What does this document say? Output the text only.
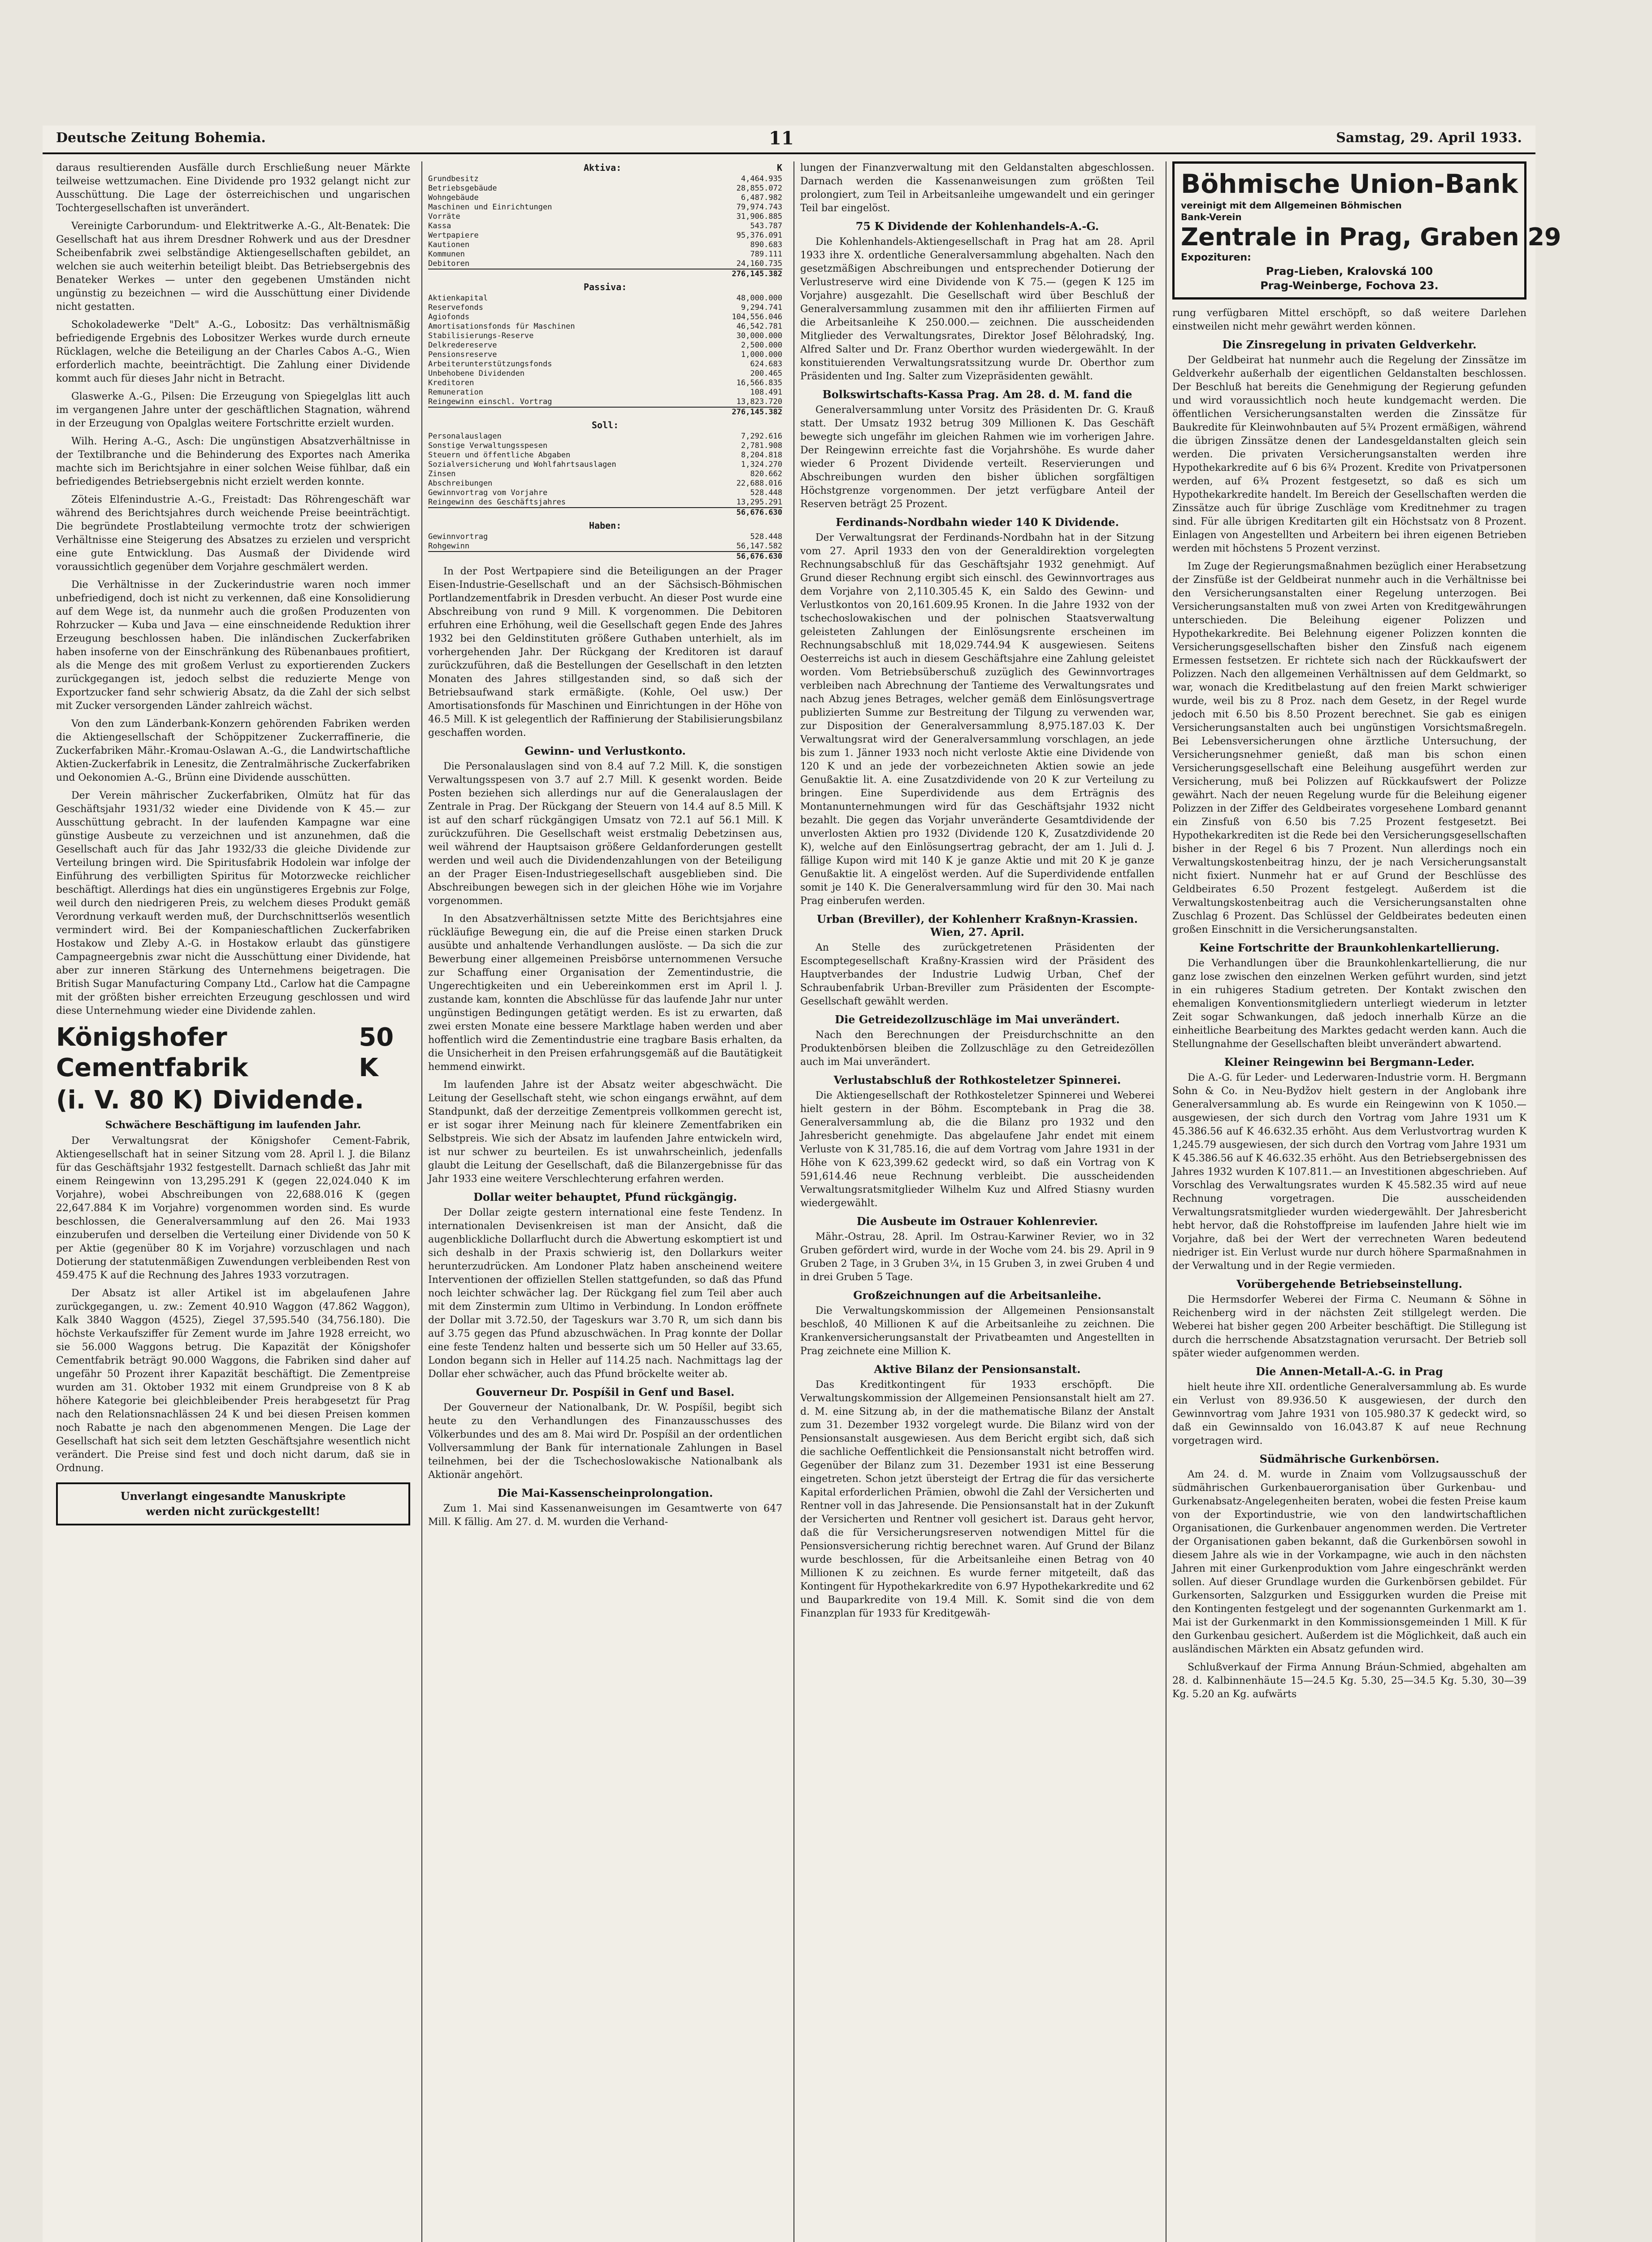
Deutsche Zeitung Bohemia.	11	Samstag, 29. April 1933.

daraus resultierenden Ausfälle durch Erschließung neuer Märkte teilweise wettzumachen. Eine Dividende pro 1932 gelangt nicht zur Ausschüttung. Die Lage der österreichischen und ungarischen Tochtergesellschaften ist unverändert.

Vereinigte Carborundum- und Elektritwerke A.-G., Alt-Benatek: Die Gesellschaft hat aus ihrem Dresdner Rohwerk und aus der Dresdner Scheibenfabrik zwei selbständige Aktiengesellschaften gebildet, an welchen sie auch weiterhin beteiligt bleibt. Das Betriebsergebnis des Benateker Werkes — unter den gegebenen Umständen nicht ungünstig zu bezeichnen — wird die Ausschüttung einer Dividende nicht gestatten.

Schokoladewerke "Delt" A.-G., Lobositz: Das verhältnismäßig befriedigende Ergebnis des Lobositzer Werkes wurde durch erneute Rücklagen, welche die Beteiligung an der Charles Cabos A.-G., Wien erforderlich machte, beeinträchtigt. Die Zahlung einer Dividende kommt auch für dieses Jahr nicht in Betracht.

Glaswerke A.-G., Pilsen: Die Erzeugung von Spiegelglas litt auch im vergangenen Jahre unter der geschäftlichen Stagnation, während in der Erzeugung von Opalglas weitere Fortschritte erzielt wurden.

Wilh. Hering A.-G., Asch: Die ungünstigen Absatzverhältnisse in der Textilbranche und die Behinderung des Exportes nach Amerika machte sich im Berichtsjahre in einer solchen Weise fühlbar, daß ein befriedigendes Betriebsergebnis nicht erzielt werden konnte.

Zöteis Elfenindustrie A.-G., Freistadt: Das Röhrengeschäft war während des Berichtsjahres durch weichende Preise beeinträchtigt. Die begründete Prostlabteilung vermochte trotz der schwierigen Verhältnisse eine Steigerung des Absatzes zu erzielen und verspricht eine gute Entwicklung. Das Ausmaß der Dividende wird voraussichtlich gegenüber dem Vorjahre geschmälert werden.

Die Verhältnisse in der Zuckerindustrie waren noch immer unbefriedigend, doch ist nicht zu verkennen, daß eine Konsolidierung auf dem Wege ist, da nunmehr auch die großen Produzenten von Rohrzucker — Kuba und Java — eine einschneidende Reduktion ihrer Erzeugung beschlossen haben. Die inländischen Zuckerfabriken haben insoferne von der Einschränkung des Rübenanbaues profitiert, als die Menge des mit großem Verlust zu exportierenden Zuckers zurückgegangen ist, jedoch selbst die reduzierte Menge von Exportzucker fand sehr schwierig Absatz, da die Zahl der sich selbst mit Zucker versorgenden Länder zahlreich wächst.

Von den zum Länderbank-Konzern gehörenden Fabriken werden die Aktiengesellschaft der Schöppitzener Zuckerraffinerie, die Zuckerfabriken Mähr.-Kromau-Oslawan A.-G., die Landwirtschaftliche Aktien-Zuckerfabrik in Lenesitz, die Zentralmährische Zuckerfabriken und Oekonomien A.-G., Brünn eine Dividende ausschütten.

Der Verein mährischer Zuckerfabriken, Olmütz hat für das Geschäftsjahr 1931/32 wieder eine Dividende von K 45.— zur Ausschüttung gebracht. In der laufenden Kampagne war eine günstige Ausbeute zu verzeichnen und ist anzunehmen, daß die Gesellschaft auch für das Jahr 1932/33 die gleiche Dividende zur Verteilung bringen wird. Die Spiritusfabrik Hodolein war infolge der Einführung des verbilligten Spiritus für Motorzwecke reichlicher beschäftigt. Allerdings hat dies ein ungünstigeres Ergebnis zur Folge, weil durch den niedrigeren Preis, zu welchem dieses Produkt gemäß Verordnung verkauft werden muß, der Durchschnittserlös wesentlich vermindert wird. Bei der Kompanieschaftlichen Zuckerfabriken Hostakow und Zleby A.-G. in Hostakow erlaubt das günstigere Campagneergebnis zwar nicht die Ausschüttung einer Dividende, hat aber zur inneren Stärkung des Unternehmens beigetragen. Die British Sugar Manufacturing Company Ltd., Carlow hat die Campagne mit der größten bisher erreichten Erzeugung geschlossen und wird diese Unternehmung wieder eine Dividende zahlen.

Königshofer Cementfabrik
50 K
(i. V. 80 K) Dividende.
Schwächere Beschäftigung im laufenden Jahr.

Der Verwaltungsrat der Königshofer Cement-Fabrik, Aktiengesellschaft hat in seiner Sitzung vom 28. April l. J. die Bilanz für das Geschäftsjahr 1932 festgestellt. Darnach schließt das Jahr mit einem Reingewinn von 13,295.291 K (gegen 22,024.040 K im Vorjahre), wobei Abschreibungen von 22,688.016 K (gegen 22,647.884 K im Vorjahre) vorgenommen worden sind. Es wurde beschlossen, die Generalversammlung auf den 26. Mai 1933 einzuberufen und derselben die Verteilung einer Dividende von 50 K per Aktie (gegenüber 80 K im Vorjahre) vorzuschlagen und nach Dotierung der statutenmäßigen Zuwendungen verbleibenden Rest von 459.475 K auf die Rechnung des Jahres 1933 vorzutragen.

Der Absatz ist aller Artikel ist im abgelaufenen Jahre zurückgegangen, u. zw.: Zement 40.910 Waggon (47.862 Waggon), Kalk 3840 Waggon (4525), Ziegel 37,595.540 (34,756.180). Die höchste Verkaufsziffer für Zement wurde im Jahre 1928 erreicht, wo sie 56.000 Waggons betrug. Die Kapazität der Königshofer Cementfabrik beträgt 90.000 Waggons, die Fabriken sind daher auf ungefähr 50 Prozent ihrer Kapazität beschäftigt. Die Zementpreise wurden am 31. Oktober 1932 mit einem Grundpreise von 8 K ab höhere Kategorie bei gleichbleibender Preis herabgesetzt für Prag nach den Relationsnachlässen 24 K und bei diesen Preisen kommen noch Rabatte je nach den abgenommenen Mengen. Die Lage der Gesellschaft hat sich seit dem letzten Geschäftsjahre wesentlich nicht verändert. Die Preise sind fest und doch nicht darum, daß sie in Ordnung.

Unverlangt eingesandte Manuskripte
werden nicht zurückgestellt!
Aktiva:	K
Grundbesitz	4,464.935
Betriebsgebäude	28,855.072
Wohngebäude	6,487.982
Maschinen und Einrichtungen	79,974.743
Vorräte	31,906.885
Kassa	543.787
Wertpapiere	95,376.091
Kautionen	890.683
Kommunen	789.111
Debitoren	24,160.735
276,145.382
Passiva:
Aktienkapital	48,000.000
Reservefonds	9,294.741
Agiofonds	104,556.046
Amortisationsfonds für Maschinen	46,542.781
Stabilisierungs-Reserve	30,000.000
Delkredereserve	2,500.000
Pensionsreserve	1,000.000
Arbeiterunterstützungsfonds	624.683
Unbehobene Dividenden	200.465
Kreditoren	16,566.835
Remuneration	108.491
Reingewinn einschl. Vortrag	13,823.720
276,145.382
Soll:
Personalauslagen	7,292.616
Sonstige Verwaltungsspesen	2,781.908
Steuern und öffentliche Abgaben	8,204.818
Sozialversicherung und Wohlfahrtsauslagen	1,324.270
Zinsen	820.662
Abschreibungen	22,688.016
Gewinnvortrag vom Vorjahre	528.448
Reingewinn des Geschäftsjahres	13,295.291
56,676.630
Haben:
Gewinnvortrag	528.448
Rohgewinn	56,147.582
56,676.630

In der Post Wertpapiere sind die Beteiligungen an der Prager Eisen-Industrie-Gesellschaft und an der Sächsisch-Böhmischen Portlandzementfabrik in Dresden verbucht. An dieser Post wurde eine Abschreibung von rund 9 Mill. K vorgenommen. Die Debitoren erfuhren eine Erhöhung, weil die Gesellschaft gegen Ende des Jahres 1932 bei den Geldinstituten größere Guthaben unterhielt, als im vorhergehenden Jahr. Der Rückgang der Kreditoren ist darauf zurückzuführen, daß die Bestellungen der Gesellschaft in den letzten Monaten des Jahres stillgestanden sind, so daß sich der Betriebsaufwand stark ermäßigte. (Kohle, Oel usw.) Der Amortisationsfonds für Maschinen und Einrichtungen in der Höhe von 46.5 Mill. K ist gelegentlich der Raffinierung der Stabilisierungsbilanz geschaffen worden.

Gewinn- und Verlustkonto.

Die Personalauslagen sind von 8.4 auf 7.2 Mill. K, die sonstigen Verwaltungsspesen von 3.7 auf 2.7 Mill. K gesenkt worden. Beide Posten beziehen sich allerdings nur auf die Generalauslagen der Zentrale in Prag. Der Rückgang der Steuern von 14.4 auf 8.5 Mill. K ist auf den scharf rückgängigen Umsatz von 72.1 auf 56.1 Mill. K zurückzuführen. Die Gesellschaft weist erstmalig Debetzinsen aus, weil während der Hauptsaison größere Geldanforderungen gestellt werden und weil auch die Dividendenzahlungen von der Beteiligung an der Prager Eisen-Industriegesellschaft ausgeblieben sind. Die Abschreibungen bewegen sich in der gleichen Höhe wie im Vorjahre vorgenommen.

In den Absatzverhältnissen setzte Mitte des Berichtsjahres eine rückläufige Bewegung ein, die auf die Preise einen starken Druck ausübte und anhaltende Verhandlungen auslöste. — Da sich die zur Bewerbung einer allgemeinen Preisbörse unternommenen Versuche zur Schaffung einer Organisation der Zementindustrie, die Ungerechtigkeiten und ein Uebereinkommen erst im April l. J. zustande kam, konnten die Abschlüsse für das laufende Jahr nur unter ungünstigen Bedingungen getätigt werden. Es ist zu erwarten, daß zwei ersten Monate eine bessere Marktlage haben werden und aber hoffentlich wird die Zementindustrie eine tragbare Basis erhalten, da die Unsicherheit in den Preisen erfahrungsgemäß auf die Bautätigkeit hemmend einwirkt.

Im laufenden Jahre ist der Absatz weiter abgeschwächt. Die Leitung der Gesellschaft steht, wie schon eingangs erwähnt, auf dem Standpunkt, daß der derzeitige Zementpreis vollkommen gerecht ist, er ist sogar ihrer Meinung nach für kleinere Zementfabriken ein Selbstpreis. Wie sich der Absatz im laufenden Jahre entwickeln wird, ist nur schwer zu beurteilen. Es ist unwahrscheinlich, jedenfalls glaubt die Leitung der Gesellschaft, daß die Bilanzergebnisse für das Jahr 1933 eine weitere Verschlechterung erfahren werden.

Dollar weiter behauptet, Pfund rückgängig.

Der Dollar zeigte gestern international eine feste Tendenz. In internationalen Devisenkreisen ist man der Ansicht, daß die augenblickliche Dollarflucht durch die Abwertung eskomptiert ist und sich deshalb in der Praxis schwierig ist, den Dollarkurs weiter herunterzudrücken. Am Londoner Platz haben anscheinend weitere Interventionen der offiziellen Stellen stattgefunden, so daß das Pfund noch leichter schwächer lag. Der Rückgang fiel zum Teil aber auch mit dem Zinstermin zum Ultimo in Verbindung. In London eröffnete der Dollar mit 3.72.50, der Tageskurs war 3.70 R, um sich dann bis auf 3.75 gegen das Pfund abzuschwächen. In Prag konnte der Dollar eine feste Tendenz halten und besserte sich um 50 Heller auf 33.65, London begann sich in Heller auf 114.25 nach. Nachmittags lag der Dollar eher schwächer, auch das Pfund bröckelte weiter ab.

Gouverneur Dr. Pospíšil in Genf und Basel.

Der Gouverneur der Nationalbank, Dr. W. Pospíšil, begibt sich heute zu den Verhandlungen des Finanzausschusses des Völkerbundes und des am 8. Mai wird Dr. Pospíšil an der ordentlichen Vollversammlung der Bank für internationale Zahlungen in Basel teilnehmen, bei der die Tschechoslowakische Nationalbank als Aktionär angehört.

Die Mai-Kassenscheinprolongation.

Zum 1. Mai sind Kassenanweisungen im Gesamtwerte von 647 Mill. K fällig. Am 27. d. M. wurden die Verhand-

lungen der Finanzverwaltung mit den Geldanstalten abgeschlossen. Darnach werden die Kassenanweisungen zum größten Teil prolongiert, zum Teil in Arbeitsanleihe umgewandelt und ein geringer Teil bar eingelöst.

75 K Dividende der Kohlenhandels-A.-G.

Die Kohlenhandels-Aktiengesellschaft in Prag hat am 28. April 1933 ihre X. ordentliche Generalversammlung abgehalten. Nach den gesetzmäßigen Abschreibungen und entsprechender Dotierung der Verlustreserve wird eine Dividende von K 75.— (gegen K 125 im Vorjahre) ausgezahlt. Die Gesellschaft wird über Beschluß der Generalversammlung zusammen mit den ihr affiliierten Firmen auf die Arbeitsanleihe K 250.000.— zeichnen. Die ausscheidenden Mitglieder des Verwaltungsrates, Direktor Josef Bělohradský, Ing. Alfred Salter und Dr. Franz Oberthor wurden wiedergewählt. In der konstituierenden Verwaltungsratssitzung wurde Dr. Oberthor zum Präsidenten und Ing. Salter zum Vizepräsidenten gewählt.

Bolkswirtschafts-Kassa Prag. Am 28. d. M. fand die

Generalversammlung unter Vorsitz des Präsidenten Dr. G. Krauß statt. Der Umsatz 1932 betrug 309 Millionen K. Das Geschäft bewegte sich ungefähr im gleichen Rahmen wie im vorherigen Jahre. Der Reingewinn erreichte fast die Vorjahrshöhe. Es wurde daher wieder 6 Prozent Dividende verteilt. Reservierungen und Abschreibungen wurden den bisher üblichen sorgfältigen Höchstgrenze vorgenommen. Der jetzt verfügbare Anteil der Reserven beträgt 25 Prozent.

Ferdinands-Nordbahn wieder 140 K Dividende.

Der Verwaltungsrat der Ferdinands-Nordbahn hat in der Sitzung vom 27. April 1933 den von der Generaldirektion vorgelegten Rechnungsabschluß für das Geschäftsjahr 1932 genehmigt. Auf Grund dieser Rechnung ergibt sich einschl. des Gewinnvortrages aus dem Vorjahre von 2,110.305.45 K, ein Saldo des Gewinn- und Verlustkontos von 20,161.609.95 Kronen. In die Jahre 1932 von der tschechoslowakischen und der polnischen Staatsverwaltung geleisteten Zahlungen der Einlösungsrente erscheinen im Rechnungsabschluß mit 18,029.744.94 K ausgewiesen. Seitens Oesterreichs ist auch in diesem Geschäftsjahre eine Zahlung geleistet worden. Vom Betriebsüberschuß zuzüglich des Gewinnvortrages verbleiben nach Abrechnung der Tantieme des Verwaltungsrates und nach Abzug jenes Betrages, welcher gemäß dem Einlösungsvertrage publizierten Summe zur Bestreitung der Tilgung zu verwenden war, zur Disposition der Generalversammlung 8,975.187.03 K. Der Verwaltungsrat wird der Generalversammlung vorschlagen, an jede bis zum 1. Jänner 1933 noch nicht verloste Aktie eine Dividende von 120 K und an jede der vorbezeichneten Aktien sowie an jede Genußaktie lit. A. eine Zusatzdividende von 20 K zur Verteilung zu bringen. Eine Superdividende aus dem Erträgnis des Montanunternehmungen wird für das Geschäftsjahr 1932 nicht bezahlt. Die gegen das Vorjahr unveränderte Gesamtdividende der unverlosten Aktien pro 1932 (Dividende 120 K, Zusatzdividende 20 K), welche auf den Einlösungsertrag gebracht, der am 1. Juli d. J. fällige Kupon wird mit 140 K je ganze Aktie und mit 20 K je ganze Genußaktie lit. A eingelöst werden. Auf die Superdividende entfallen somit je 140 K. Die Generalversammlung wird für den 30. Mai nach Prag einberufen werden.

Urban (Breviller), der Kohlenherr Kraßnyn-Krassien. Wien, 27. April.

An Stelle des zurückgetretenen Präsidenten der Escomptegesellschaft Kraßny-Krassien wird der Präsident des Hauptverbandes der Industrie Ludwig Urban, Chef der Schraubenfabrik Urban-Breviller zum Präsidenten der Escompte-Gesellschaft gewählt werden.

Die Getreidezollzuschläge im Mai unverändert.

Nach den Berechnungen der Preisdurchschnitte an den Produktenbörsen bleiben die Zollzuschläge zu den Getreidezöllen auch im Mai unverändert.

Verlustabschluß der Rothkosteletzer Spinnerei.

Die Aktiengesellschaft der Rothkosteletzer Spinnerei und Weberei hielt gestern in der Böhm. Escomptebank in Prag die 38. Generalversammlung ab, die die Bilanz pro 1932 und den Jahresbericht genehmigte. Das abgelaufene Jahr endet mit einem Verluste von K 31,785.16, die auf dem Vortrag vom Jahre 1931 in der Höhe von K 623,399.62 gedeckt wird, so daß ein Vortrag von K 591,614.46 neue Rechnung verbleibt. Die ausscheidenden Verwaltungsratsmitglieder Wilhelm Kuz und Alfred Stiasny wurden wiedergewählt.

Die Ausbeute im Ostrauer Kohlenrevier.

Mähr.-Ostrau, 28. April. Im Ostrau-Karwiner Revier, wo in 32 Gruben gefördert wird, wurde in der Woche vom 24. bis 29. April in 9 Gruben 2 Tage, in 3 Gruben 3¼, in 15 Gruben 3, in zwei Gruben 4 und in drei Gruben 5 Tage.

Großzeichnungen auf die Arbeitsanleihe.

Die Verwaltungskommission der Allgemeinen Pensionsanstalt beschloß, 40 Millionen K auf die Arbeitsanleihe zu zeichnen. Die Krankenversicherungsanstalt der Privatbeamten und Angestellten in Prag zeichnete eine Million K.

Aktive Bilanz der Pensionsanstalt.

Das Kreditkontingent für 1933 erschöpft. Die Verwaltungskommission der Allgemeinen Pensionsanstalt hielt am 27. d. M. eine Sitzung ab, in der die mathematische Bilanz der Anstalt zum 31. Dezember 1932 vorgelegt wurde. Die Bilanz wird von der Pensionsanstalt ausgewiesen. Aus dem Bericht ergibt sich, daß sich die sachliche Oeffentlichkeit die Pensionsanstalt nicht betroffen wird. Gegenüber der Bilanz zum 31. Dezember 1931 ist eine Besserung eingetreten. Schon jetzt übersteigt der Ertrag die für das versicherte Kapital erforderlichen Prämien, obwohl die Zahl der Versicherten und Rentner voll in das Jahresende. Die Pensionsanstalt hat in der Zukunft der Versicherten und Rentner voll gesichert ist. Daraus geht hervor, daß die für Versicherungsreserven notwendigen Mittel für die Pensionsversicherung richtig berechnet waren. Auf Grund der Bilanz wurde beschlossen, für die Arbeitsanleihe einen Betrag von 40 Millionen K zu zeichnen. Es wurde ferner mitgeteilt, daß das Kontingent für Hypothekarkredite von 6.97 Hypothekarkredite und 62 und Bauparkredite von 19.4 Mill. K. Somit sind die von dem Finanzplan für 1933 für Kreditgewäh-

Böhmische Union-Bank
vereinigt mit dem Allgemeinen Böhmischen
Bank-Verein
Zentrale in Prag, Graben 29
Expozituren:
Prag-Lieben, Kralovská 100
Prag-Weinberge, Fochova 23.

rung verfügbaren Mittel erschöpft, so daß weitere Darlehen einstweilen nicht mehr gewährt werden können.

Die Zinsregelung in privaten Geldverkehr.

Der Geldbeirat hat nunmehr auch die Regelung der Zinssätze im Geldverkehr außerhalb der eigentlichen Geldanstalten beschlossen. Der Beschluß hat bereits die Genehmigung der Regierung gefunden und wird voraussichtlich noch heute kundgemacht werden. Die öffentlichen Versicherungsanstalten werden die Zinssätze für Baukredite für Kleinwohnbauten auf 5¾ Prozent ermäßigen, während die übrigen Zinssätze denen der Landesgeldanstalten gleich sein werden. Die privaten Versicherungsanstalten werden ihre Hypothekarkredite auf 6 bis 6¾ Prozent. Kredite von Privatpersonen werden, auf 6¾ Prozent festgesetzt, so daß es sich um Hypothekarkredite handelt. Im Bereich der Gesellschaften werden die Zinssätze auch für übrige Zuschläge vom Kreditnehmer zu tragen sind. Für alle übrigen Kreditarten gilt ein Höchstsatz von 8 Prozent. Einlagen von Angestellten und Arbeitern bei ihren eigenen Betrieben werden mit höchstens 5 Prozent verzinst.

Im Zuge der Regierungsmaßnahmen bezüglich einer Herabsetzung der Zinsfüße ist der Geldbeirat nunmehr auch in die Verhältnisse bei den Versicherungsanstalten einer Regelung unterzogen. Bei Versicherungsanstalten muß von zwei Arten von Kreditgewährungen unterschieden. Die Beleihung eigener Polizzen und Hypothekarkredite. Bei Belehnung eigener Polizzen konnten die Versicherungsgesellschaften bisher den Zinsfuß nach eigenem Ermessen festsetzen. Er richtete sich nach der Rückkaufswert der Polizzen. Nach den allgemeinen Verhältnissen auf dem Geldmarkt, so war, wonach die Kreditbelastung auf den freien Markt schwieriger wurde, weil bis zu 8 Proz. nach dem Gesetz, in der Regel wurde jedoch mit 6.50 bis 8.50 Prozent berechnet. Sie gab es einigen Versicherungsanstalten auch bei ungünstigen Vorsichtsmaßregeln. Bei Lebensversicherungen ohne ärztliche Untersuchung, der Versicherungsnehmer genießt, daß man bis schon einen Versicherungsgesellschaft eine Beleihung ausgeführt werden zur Versicherung, muß bei Polizzen auf Rückkaufswert der Polizze gewährt. Nach der neuen Regelung wurde für die Beleihung eigener Polizzen in der Ziffer des Geldbeirates vorgesehene Lombard genannt ein Zinsfuß von 6.50 bis 7.25 Prozent festgesetzt. Bei Hypothekarkrediten ist die Rede bei den Versicherungsgesellschaften bisher in der Regel 6 bis 7 Prozent. Nun allerdings noch ein Verwaltungskostenbeitrag hinzu, der je nach Versicherungsanstalt nicht fixiert. Nunmehr hat er auf Grund der Beschlüsse des Geldbeirates 6.50 Prozent festgelegt. Außerdem ist die Verwaltungskostenbeitrag auch die Versicherungsanstalten ohne Zuschlag 6 Prozent. Das Schlüssel der Geldbeirates bedeuten einen großen Einschnitt in die Versicherungsanstalten.

Keine Fortschritte der Braunkohlenkartellierung.

Die Verhandlungen über die Braunkohlenkartellierung, die nur ganz lose zwischen den einzelnen Werken geführt wurden, sind jetzt in ein ruhigeres Stadium getreten. Der Kontakt zwischen den ehemaligen Konventionsmitgliedern unterliegt wiederum in letzter Zeit sogar Schwankungen, daß jedoch innerhalb Kürze an die einheitliche Bearbeitung des Marktes gedacht werden kann. Auch die Stellungnahme der Gesellschaften bleibt unverändert abwartend.

Kleiner Reingewinn bei Bergmann-Leder.

Die A.-G. für Leder- und Lederwaren-Industrie vorm. H. Bergmann Sohn & Co. in Neu-Bydžov hielt gestern in der Anglobank ihre Generalversammlung ab. Es wurde ein Reingewinn von K 1050.— ausgewiesen, der sich durch den Vortrag vom Jahre 1931 um K 45.386.56 auf K 46.632.35 erhöht. Aus dem Verlustvortrag wurden K 1,245.79 ausgewiesen, der sich durch den Vortrag vom Jahre 1931 um K 45.386.56 auf K 46.632.35 erhöht. Aus den Betriebsergebnissen des Jahres 1932 wurden K 107.811.— an Investitionen abgeschrieben. Auf Vorschlag des Verwaltungsrates wurden K 45.582.35 wird auf neue Rechnung vorgetragen. Die ausscheidenden Verwaltungsratsmitglieder wurden wiedergewählt. Der Jahresbericht hebt hervor, daß die Rohstoffpreise im laufenden Jahre hielt wie im Vorjahre, daß bei der Wert der verrechneten Waren bedeutend niedriger ist. Ein Verlust wurde nur durch höhere Sparmaßnahmen in der Verwaltung und in der Regie vermieden.

Vorübergehende Betriebseinstellung.

Die Hermsdorfer Weberei der Firma C. Neumann & Söhne in Reichenberg wird in der nächsten Zeit stillgelegt werden. Die Weberei hat bisher gegen 200 Arbeiter beschäftigt. Die Stillegung ist durch die herrschende Absatzstagnation verursacht. Der Betrieb soll später wieder aufgenommen werden.

Die Annen-Metall-A.-G. in Prag

hielt heute ihre XII. ordentliche Generalversammlung ab. Es wurde ein Verlust von 89.936.50 K ausgewiesen, der durch den Gewinnvortrag vom Jahre 1931 von 105.980.37 K gedeckt wird, so daß ein Gewinnsaldo von 16.043.87 K auf neue Rechnung vorgetragen wird.

Südmährische Gurkenbörsen.

Am 24. d. M. wurde in Znaim vom Vollzugsausschuß der südmährischen Gurkenbauerorganisation über Gurkenbau- und Gurkenabsatz-Angelegenheiten beraten, wobei die festen Preise kaum von der Exportindustrie, wie von den landwirtschaftlichen Organisationen, die Gurkenbauer angenommen werden. Die Vertreter der Organisationen gaben bekannt, daß die Gurkenbörsen sowohl in diesem Jahre als wie in der Vorkampagne, wie auch in den nächsten Jahren mit einer Gurkenproduktion vom Jahre eingeschränkt werden sollen. Auf dieser Grundlage wurden die Gurkenbörsen gebildet. Für Gurkensorten, Salzgurken und Essiggurken wurden die Preise mit den Kontingenten festgelegt und der sogenannten Gurkenmarkt am 1. Mai ist der Gurkenmarkt in den Kommissionsgemeinden 1 Mill. K für den Gurkenbau gesichert. Außerdem ist die Möglichkeit, daß auch ein ausländischen Märkten ein Absatz gefunden wird.

Schlußverkauf der Firma Annung Bráun-Schmied, abgehalten am 28. d. Kalbinnenhäute 15—24.5 Kg. 5.30, 25—34.5 Kg. 5.30, 30—39 Kg. 5.20 an Kg. aufwärts
